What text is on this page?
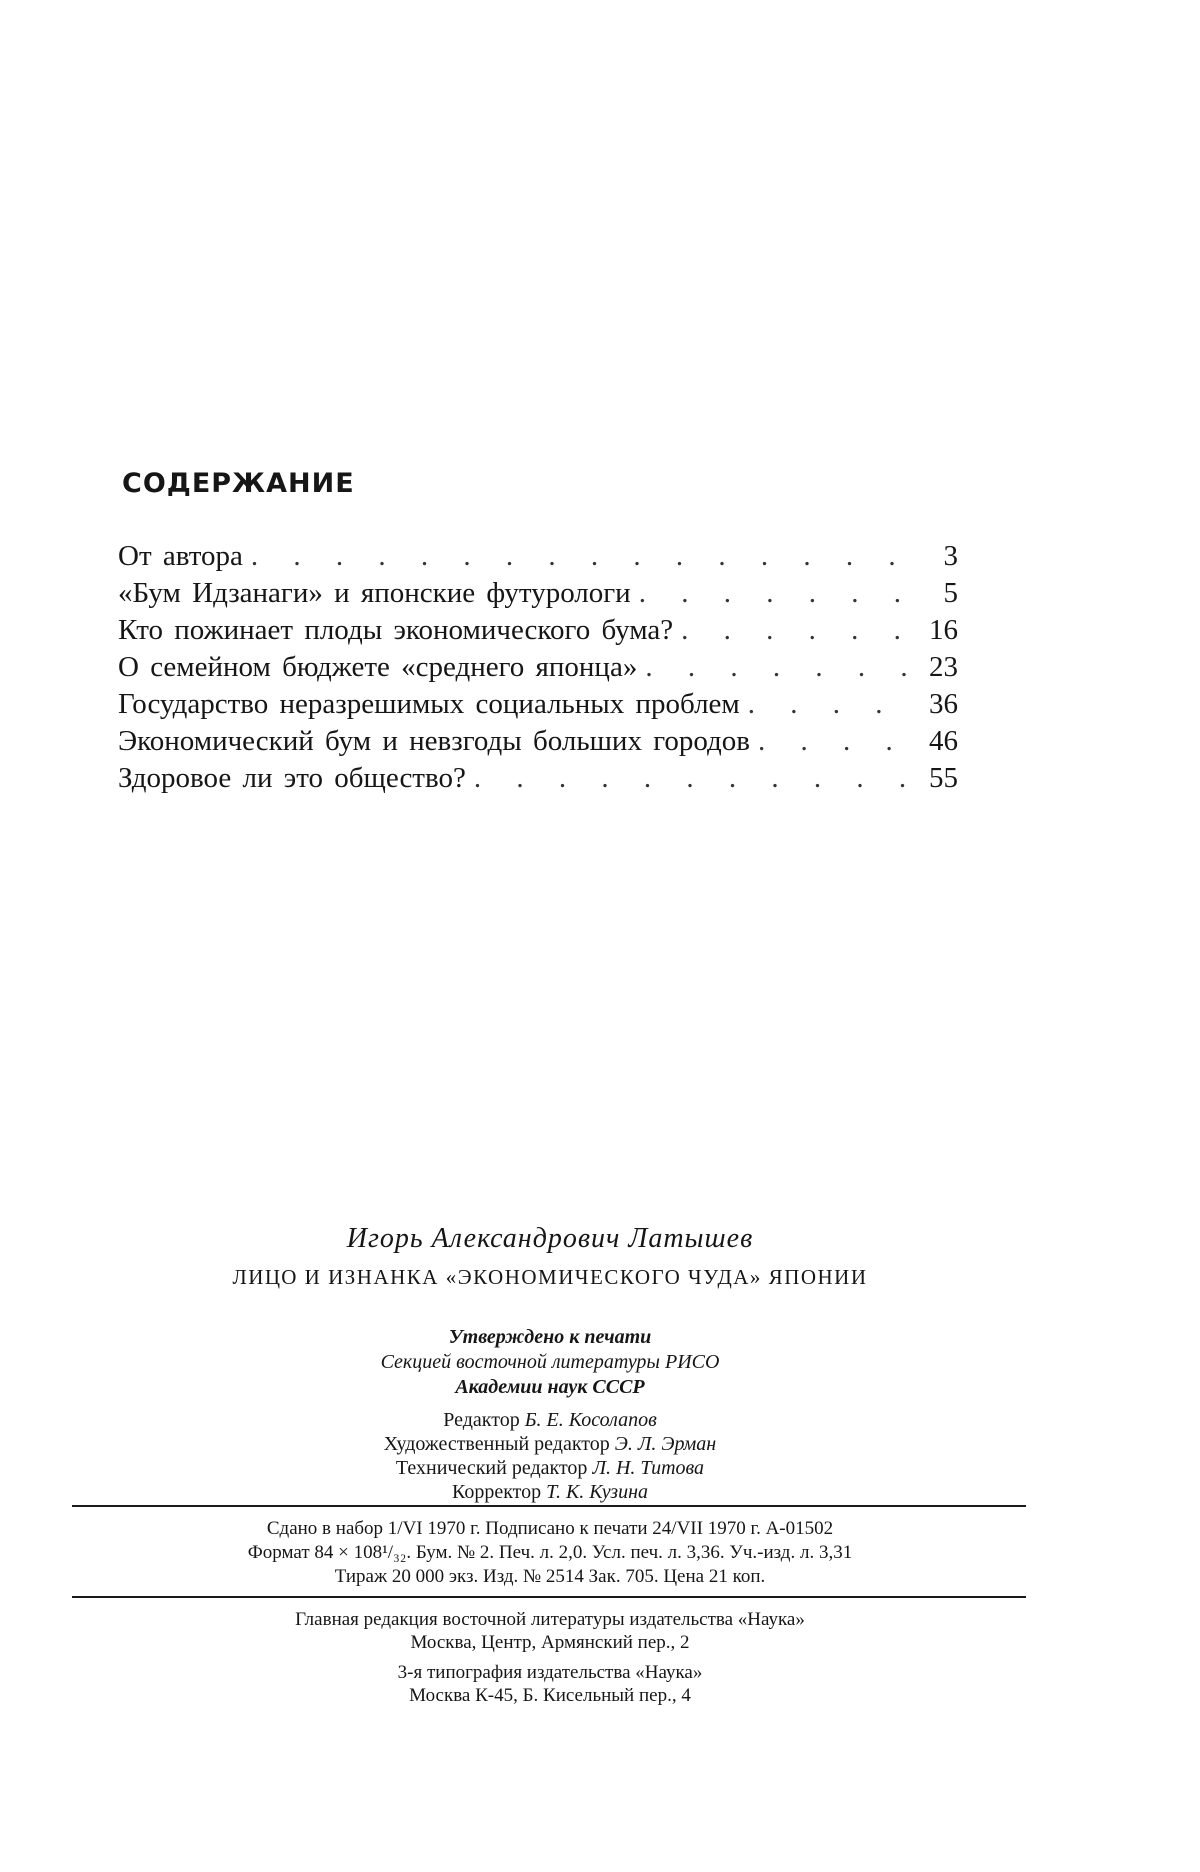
СОДЕРЖАНИЕ
От автора . . .	3
«Бум Идзанаги» и японские футурологи . . .	5
Кто пожинает плоды экономического бума? . . .	16
О семейном бюджете «среднего японца» . . .	23
Государство неразрешимых социальных проблем . . .	36
Экономический бум и невзгоды больших городов . . .	46
Здоровое ли это общество? . . .	55

Игорь Александрович Латышев

ЛИЦО И ИЗНАНКА «ЭКОНОМИЧЕСКОГО ЧУДА» ЯПОНИИ

Утверждено к печати
Секцией восточной литературы РИСО
Академии наук СССР
Редактор Б. Е. Косолапов
Художественный редактор Э. Л. Эрман
Технический редактор Л. Н. Титова
Корректор Т. К. Кузина
Сдано в набор 1/VI 1970 г. Подписано к печати 24/VII 1970 г. А-01502
Формат 84 × 108¹/₃₂. Бум. № 2. Печ. л. 2,0. Усл. печ. л. 3,36. Уч.-изд. л. 3,31
Тираж 20 000 экз. Изд. № 2514 Зак. 705. Цена 21 коп.
Главная редакция восточной литературы издательства «Наука»
Москва, Центр, Армянский пер., 2
3-я типография издательства «Наука»
Москва К-45, Б. Кисельный пер., 4
